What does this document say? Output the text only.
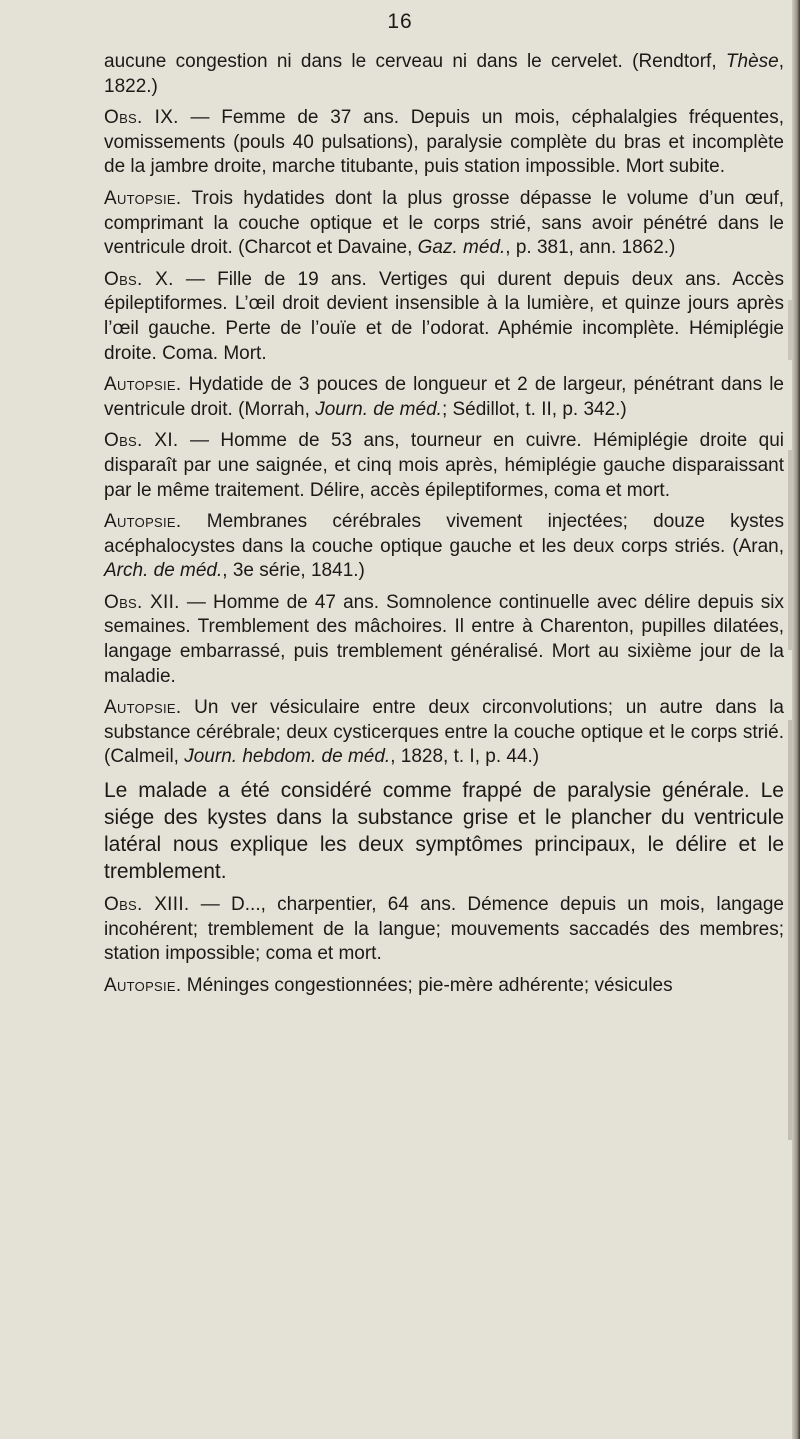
16

aucune congestion ni dans le cerveau ni dans le cervelet. (Rendtorf, Thèse, 1822.)

Obs. IX. — Femme de 37 ans. Depuis un mois, céphalalgies fréquentes, vomissements (pouls 40 pulsations), paralysie complète du bras et incomplète de la jambre droite, marche titubante, puis station impossible. Mort subite.

Autopsie. Trois hydatides dont la plus grosse dépasse le volume d’un œuf, comprimant la couche optique et le corps strié, sans avoir pénétré dans le ventricule droit. (Charcot et Davaine, Gaz. méd., p. 381, ann. 1862.)

Obs. X. — Fille de 19 ans. Vertiges qui durent depuis deux ans. Accès épileptiformes. L’œil droit devient insensible à la lumière, et quinze jours après l’œil gauche. Perte de l’ouïe et de l’odorat. Aphémie incomplète. Hémiplégie droite. Coma. Mort.

Autopsie. Hydatide de 3 pouces de longueur et 2 de largeur, pénétrant dans le ventricule droit. (Morrah, Journ. de méd.; Sédillot, t. II, p. 342.)

Obs. XI. — Homme de 53 ans, tourneur en cuivre. Hémiplégie droite qui disparaît par une saignée, et cinq mois après, hémiplégie gauche disparaissant par le même traitement. Délire, accès épileptiformes, coma et mort.

Autopsie. Membranes cérébrales vivement injectées; douze kystes acéphalocystes dans la couche optique gauche et les deux corps striés. (Aran, Arch. de méd., 3e série, 1841.)

Obs. XII. — Homme de 47 ans. Somnolence continuelle avec délire depuis six semaines. Tremblement des mâchoires. Il entre à Charenton, pupilles dilatées, langage embarrassé, puis tremblement généralisé. Mort au sixième jour de la maladie.

Autopsie. Un ver vésiculaire entre deux circonvolutions; un autre dans la substance cérébrale; deux cysticerques entre la couche optique et le corps strié. (Calmeil, Journ. hebdom. de méd., 1828, t. I, p. 44.)

Le malade a été considéré comme frappé de paralysie générale. Le siége des kystes dans la substance grise et le plancher du ventricule latéral nous explique les deux symptômes principaux, le délire et le tremblement.

Obs. XIII. — D..., charpentier, 64 ans. Démence depuis un mois, langage incohérent; tremblement de la langue; mouvements saccadés des membres; station impossible; coma et mort.

Autopsie. Méninges congestionnées; pie-mère adhérente; vésicules
